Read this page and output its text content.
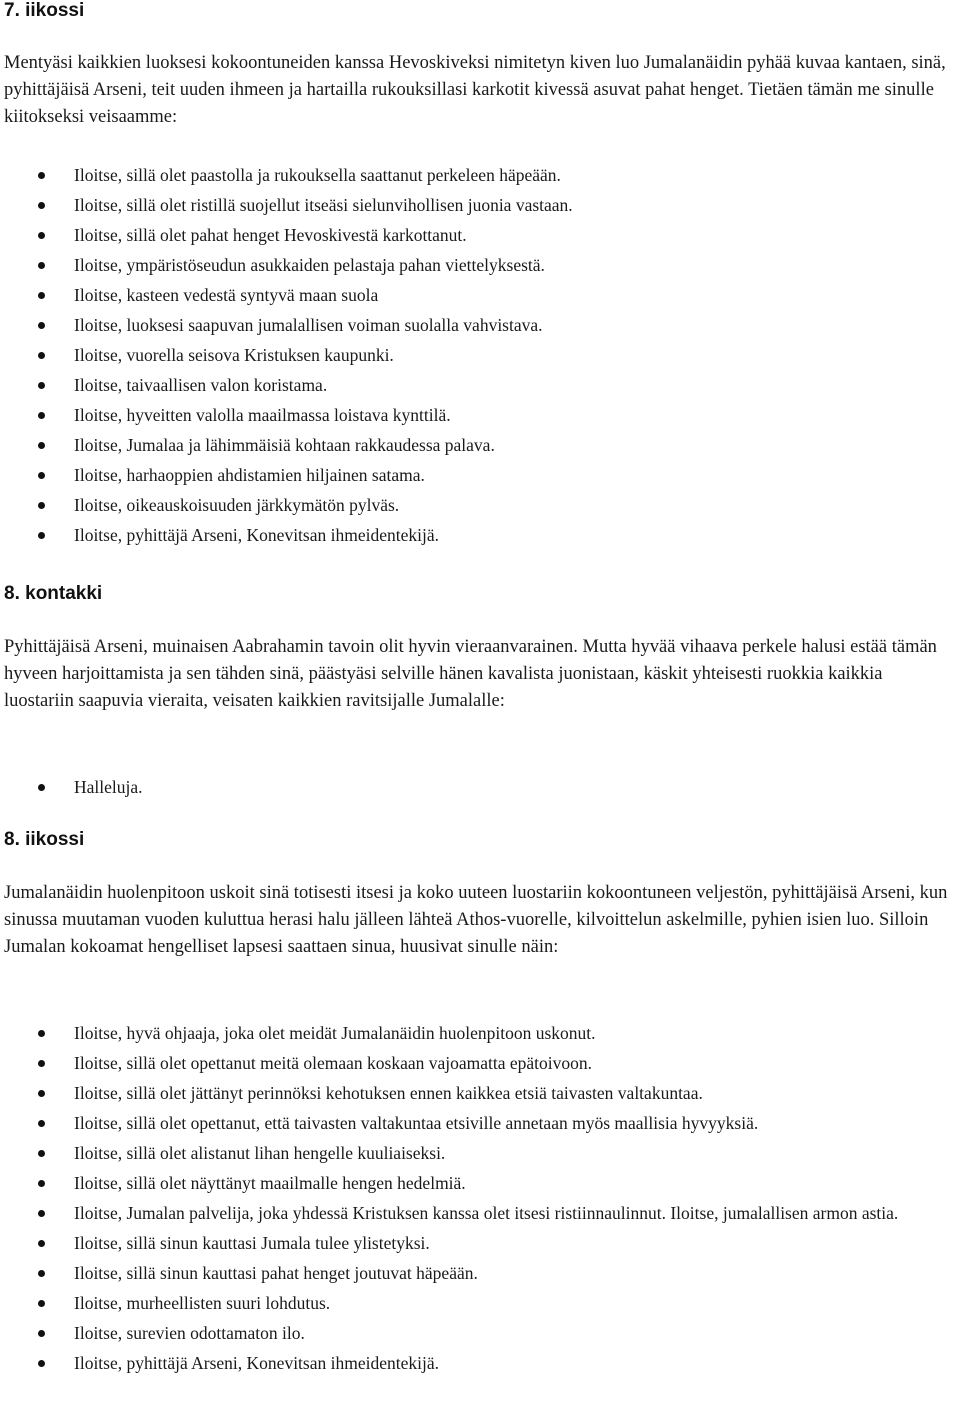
7. iikossi

Mentyäsi kaikkien luoksesi kokoontuneiden kanssa Hevoskiveksi nimitetyn kiven luo Jumalanäidin pyhää kuvaa kantaen, sinä, pyhittäjäisä Arseni, teit uuden ihmeen ja hartailla rukouksillasi karkotit kivessä asuvat pahat henget. Tietäen tämän me sinulle kiitokseksi veisaamme:

Iloitse, sillä olet paastolla ja rukouksella saattanut perkeleen häpeään.
Iloitse, sillä olet ristillä suojellut itseäsi sielunvihollisen juonia vastaan.
Iloitse, sillä olet pahat henget Hevoskivestä karkottanut.
Iloitse, ympäristöseudun asukkaiden pelastaja pahan viettelyksestä.
Iloitse, kasteen vedestä syntyvä maan suola
Iloitse, luoksesi saapuvan jumalallisen voiman suolalla vahvistava.
Iloitse, vuorella seisova Kristuksen kaupunki.
Iloitse, taivaallisen valon koristama.
Iloitse, hyveitten valolla maailmassa loistava kynttilä.
Iloitse, Jumalaa ja lähimmäisiä kohtaan rakkaudessa palava.
Iloitse, harhaoppien ahdistamien hiljainen satama.
Iloitse, oikeauskoisuuden järkkymätön pylväs.
Iloitse, pyhittäjä Arseni, Konevitsan ihmeidentekijä.
8. kontakki

Pyhittäjäisä Arseni, muinaisen Aabrahamin tavoin olit hyvin vieraanvarainen. Mutta hyvää vihaava perkele halusi estää tämän hyveen harjoittamista ja sen tähden sinä, päästyäsi selville hänen kavalista juonistaan, käskit yhteisesti ruokkia kaikkia luostariin saapuvia vieraita, veisaten kaikkien ravitsijalle Jumalalle:

Halleluja.
8. iikossi

Jumalanäidin huolenpitoon uskoit sinä totisesti itsesi ja koko uuteen luostariin kokoontuneen veljestön, pyhittäjäisä Arseni, kun sinussa muutaman vuoden kuluttua herasi halu jälleen lähteä Athos-vuorelle, kilvoittelun askelmille, pyhien isien luo. Silloin Jumalan kokoamat hengelliset lapsesi saattaen sinua, huusivat sinulle näin:

Iloitse, hyvä ohjaaja, joka olet meidät Jumalanäidin huolenpitoon uskonut.
Iloitse, sillä olet opettanut meitä olemaan koskaan vajoamatta epätoivoon.
Iloitse, sillä olet jättänyt perinnöksi kehotuksen ennen kaikkea etsiä taivasten valtakuntaa.
Iloitse, sillä olet opettanut, että taivasten valtakuntaa etsiville annetaan myös maallisia hyvyyksiä.
Iloitse, sillä olet alistanut lihan hengelle kuuliaiseksi.
Iloitse, sillä olet näyttänyt maailmalle hengen hedelmiä.
Iloitse, Jumalan palvelija, joka yhdessä Kristuksen kanssa olet itsesi ristiinnaulinnut. Iloitse, jumalallisen armon astia.
Iloitse, sillä sinun kauttasi Jumala tulee ylistetyksi.
Iloitse, sillä sinun kauttasi pahat henget joutuvat häpeään.
Iloitse, murheellisten suuri lohdutus.
Iloitse, surevien odottamaton ilo.
Iloitse, pyhittäjä Arseni, Konevitsan ihmeidentekijä.
